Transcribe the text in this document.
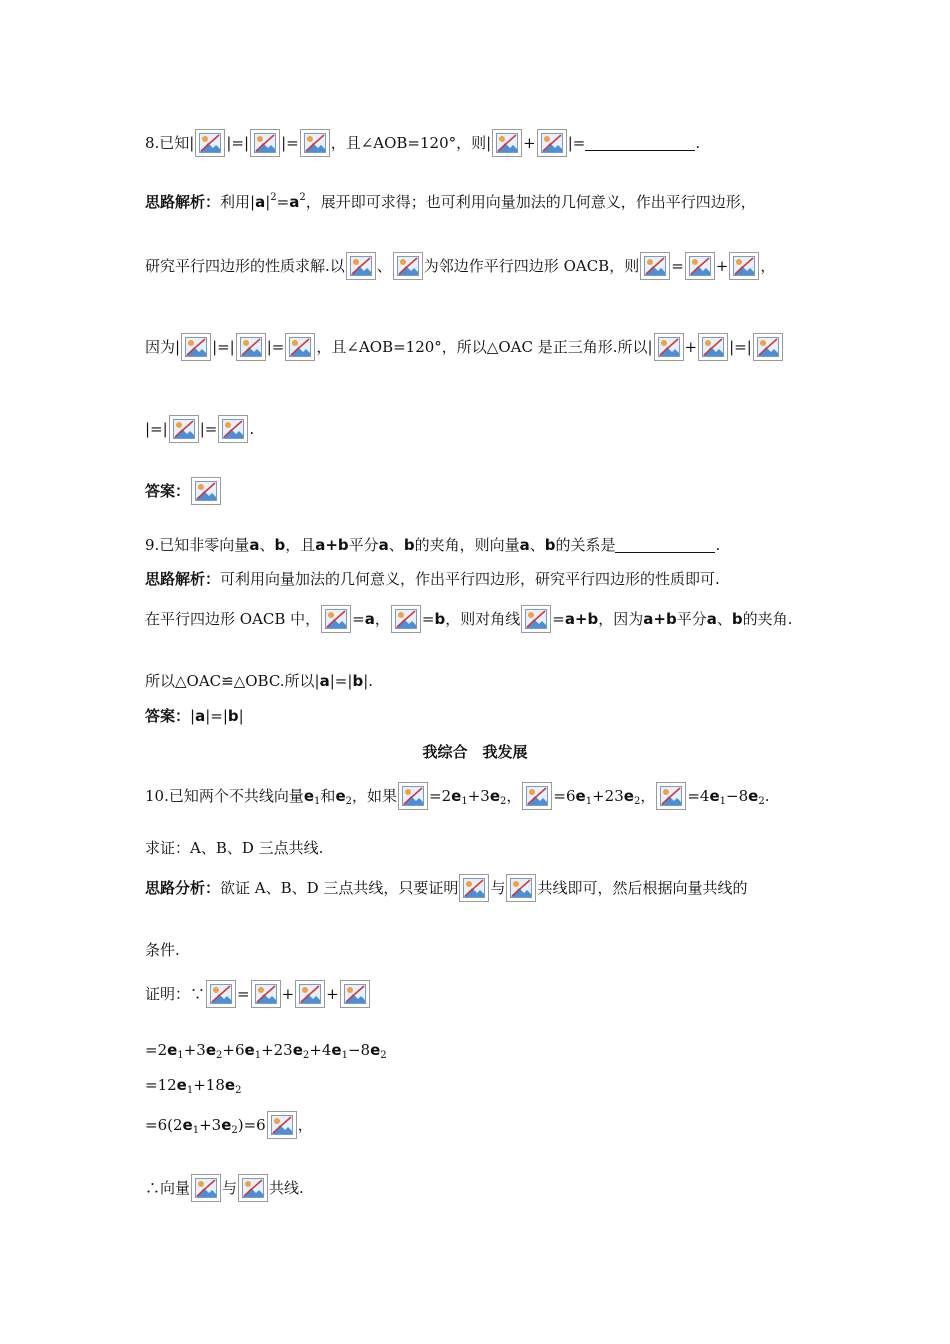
8.已知| |=| |= ，且∠AOB=120°，则| + |=	.
思路解析：利用$|a|^2=a^2$，展开即可求得；也可利用向量加法的几何意义，作出平行四边形，
研究平行四边形的性质求解.以 、 为邻边作平行四边形 OACB，则 = + ，
因为| |=| |= ，且∠AOB=120°，所以△OAC 是正三角形.所以| + |=|
|=| |= .
答案：
9.已知非零向量a、b，且a+b平分a、b的夹角，则向量a、b的关系是	.
思路解析：可利用向量加法的几何意义，作出平行四边形，研究平行四边形的性质即可.
在平行四边形 OACB 中， =a， =b，则对角线 =a+b，因为a+b平分a、b的夹角.
所以△OAC≌△OBC.所以|a|=|b|.
答案：|a|=|b|
我综合　我发展
10.已知两个不共线向量$e_1$和$e_2$，如果 $=2e_1+3e_2$， $=6e_1+23e_2$， $=4e_1-8e_2$.
求证：A、B、D 三点共线.
思路分析：欲证 A、B、D 三点共线，只要证明 与 共线即可，然后根据向量共线的
条件.
证明：∵ = + +
$=2e_1+3e_2+6e_1+23e_2+4e_1-8e_2$
$=12e_1+18e_2$
$=6(2e_1+3e_2)=6$ ，
∴向量 与 共线.
